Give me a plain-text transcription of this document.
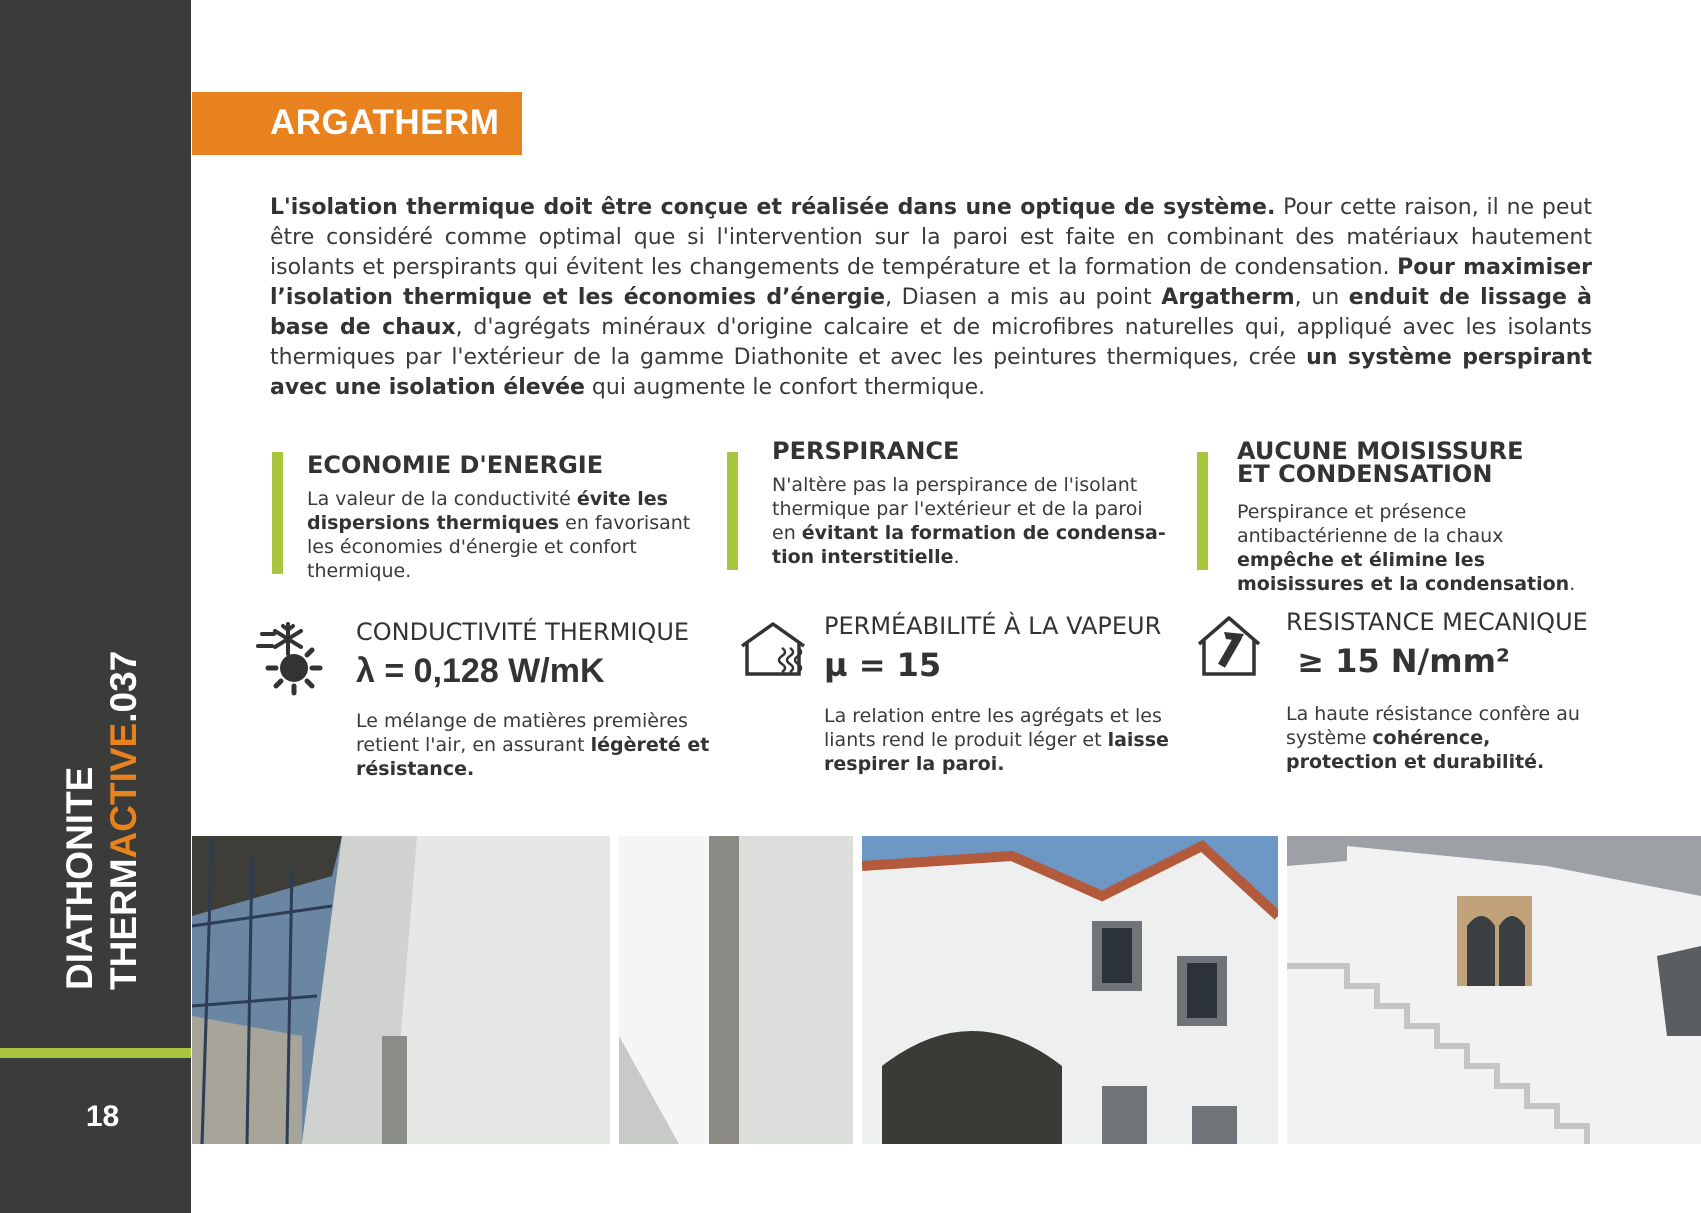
DIATHONITE THERMACTIVE.037
18
ARGATHERM
L'isolation thermique doit être conçue et réalisée dans une optique de système. Pour cette raison, il ne peut être considéré comme optimal que si l'intervention sur la paroi est faite en combinant des matériaux hautement isolants et perspirants qui évitent les changements de température et la formation de condensation. Pour maximiser l’isolation thermique et les économies d’énergie, Diasen a mis au point Argatherm, un enduit de lissage à base de chaux, d'agrégats minéraux d'origine calcaire et de microfibres naturelles qui, appliqué avec les isolants thermiques par l'extérieur de la gamme Diathonite et avec les peintures thermiques, crée un système perspirant avec une isolation élevée qui augmente le confort thermique.
ECONOMIE D'ENERGIE

La valeur de la conductivité évite les dispersions thermiques en favorisant les économies d'énergie et confort thermique.

PERSPIRANCE

N'altère pas la perspirance de l'isolant thermique par l'extérieur et de la paroi en évitant la formation de condensa-tion interstitielle.

AUCUNE MOISISSURE
ET CONDENSATION

Perspirance et présence antibactérienne de la chaux empêche et élimine les moisissures et la condensation.

CONDUCTIVITÉ THERMIQUE
λ = 0,128 W/mK

Le mélange de matières premières retient l'air, en assurant légèreté et résistance.

PERMÉABILITÉ À LA VAPEUR
µ = 15

La relation entre les agrégats et les liants rend le produit léger et laisse respirer la paroi.

RESISTANCE MECANIQUE
≥ 15 N/mm²

La haute résistance confère au système cohérence, protection et durabilité.
